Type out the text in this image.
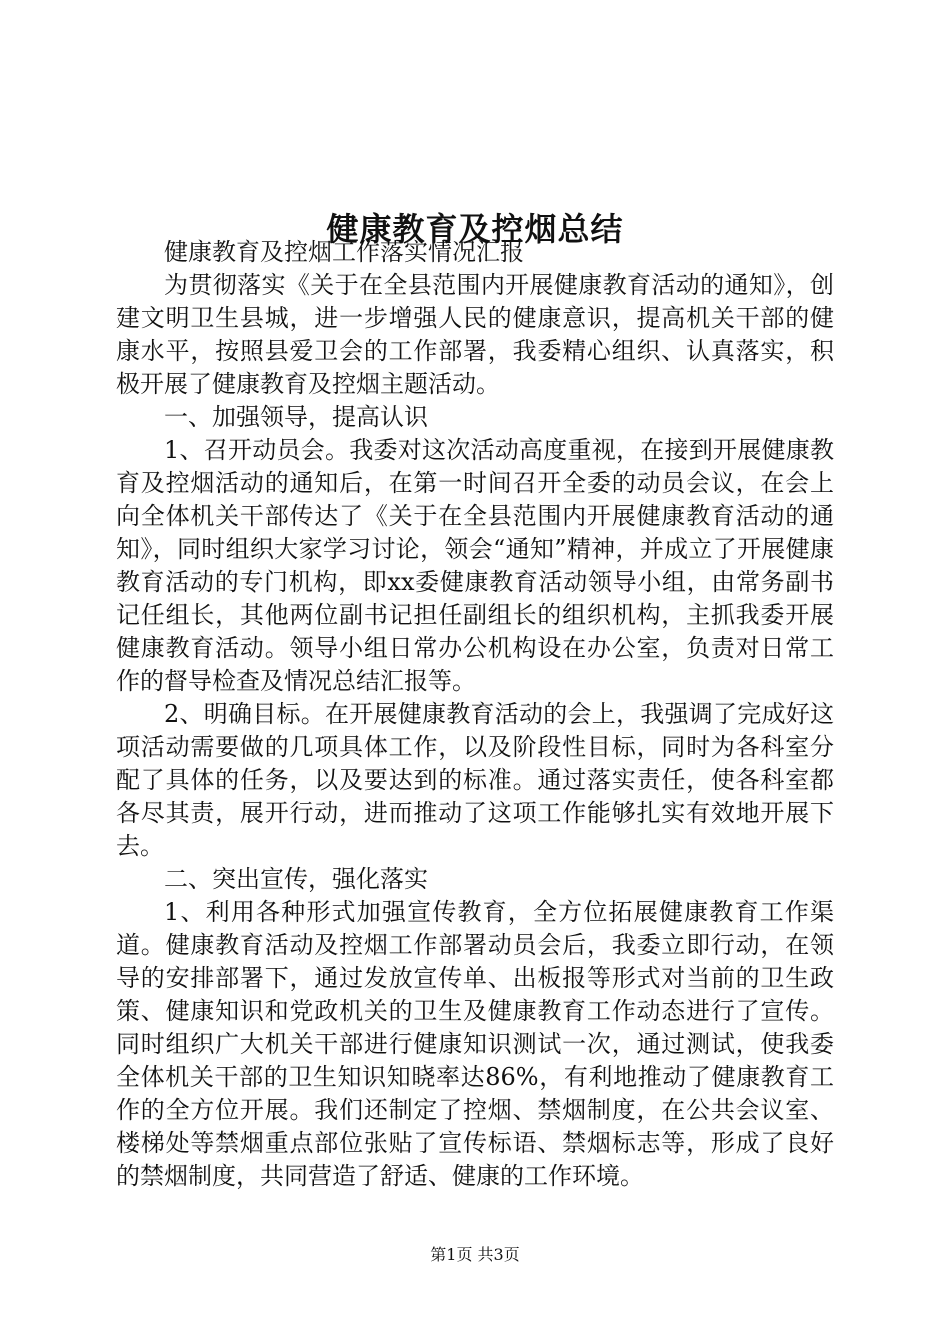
健康教育及控烟总结

健康教育及控烟工作落实情况汇报

为贯彻落实《关于在全县范围内开展健康教育活动的通知》，创建文明卫生县城，进一步增强人民的健康意识，提高机关干部的健康水平，按照县爱卫会的工作部署，我委精心组织、认真落实，积极开展了健康教育及控烟主题活动。

一、加强领导，提高认识

1、召开动员会。我委对这次活动高度重视，在接到开展健康教育及控烟活动的通知后，在第一时间召开全委的动员会议，在会上向全体机关干部传达了《关于在全县范围内开展健康教育活动的通知》，同时组织大家学习讨论，领会“通知”精神，并成立了开展健康教育活动的专门机构，即xx委健康教育活动领导小组，由常务副书记任组长，其他两位副书记担任副组长的组织机构，主抓我委开展健康教育活动。领导小组日常办公机构设在办公室，负责对日常工作的督导检查及情况总结汇报等。

2、明确目标。在开展健康教育活动的会上，我强调了完成好这项活动需要做的几项具体工作，以及阶段性目标，同时为各科室分配了具体的任务，以及要达到的标准。通过落实责任，使各科室都各尽其责，展开行动，进而推动了这项工作能够扎实有效地开展下去。

二、突出宣传，强化落实

1、利用各种形式加强宣传教育，全方位拓展健康教育工作渠道。健康教育活动及控烟工作部署动员会后，我委立即行动，在领导的安排部署下，通过发放宣传单、出板报等形式对当前的卫生政策、健康知识和党政机关的卫生及健康教育工作动态进行了宣传。同时组织广大机关干部进行健康知识测试一次，通过测试，使我委全体机关干部的卫生知识知晓率达86%，有利地推动了健康教育工作的全方位开展。我们还制定了控烟、禁烟制度，在公共会议室、楼梯处等禁烟重点部位张贴了宣传标语、禁烟标志等，形成了良好的禁烟制度，共同营造了舒适、健康的工作环境。

第1页 共3页
